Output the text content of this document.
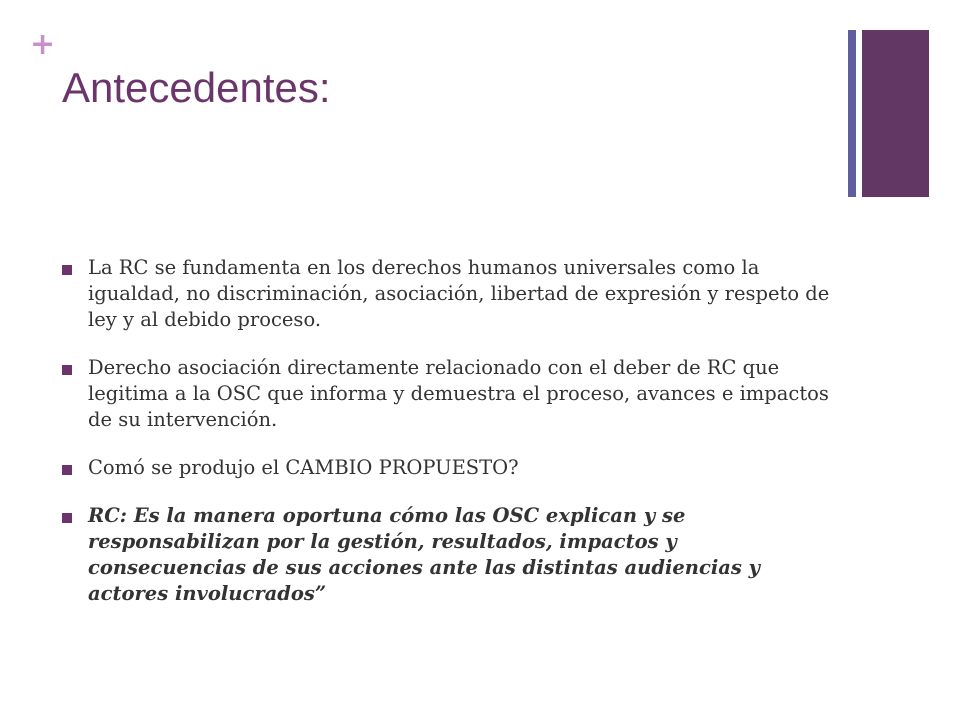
+
Antecedentes:
La RC se fundamenta en los derechos humanos universales como la igualdad, no discriminación, asociación, libertad de expresión y respeto de ley y al debido proceso.
Derecho asociación directamente relacionado con el deber de RC que legitima a la OSC que informa y demuestra el proceso, avances e impactos de su intervención.
Comó se produjo el CAMBIO PROPUESTO?
RC: Es la manera oportuna cómo las OSC explican y se responsabilizan por la gestión, resultados, impactos y consecuencias de sus acciones ante las distintas audiencias y actores involucrados”
